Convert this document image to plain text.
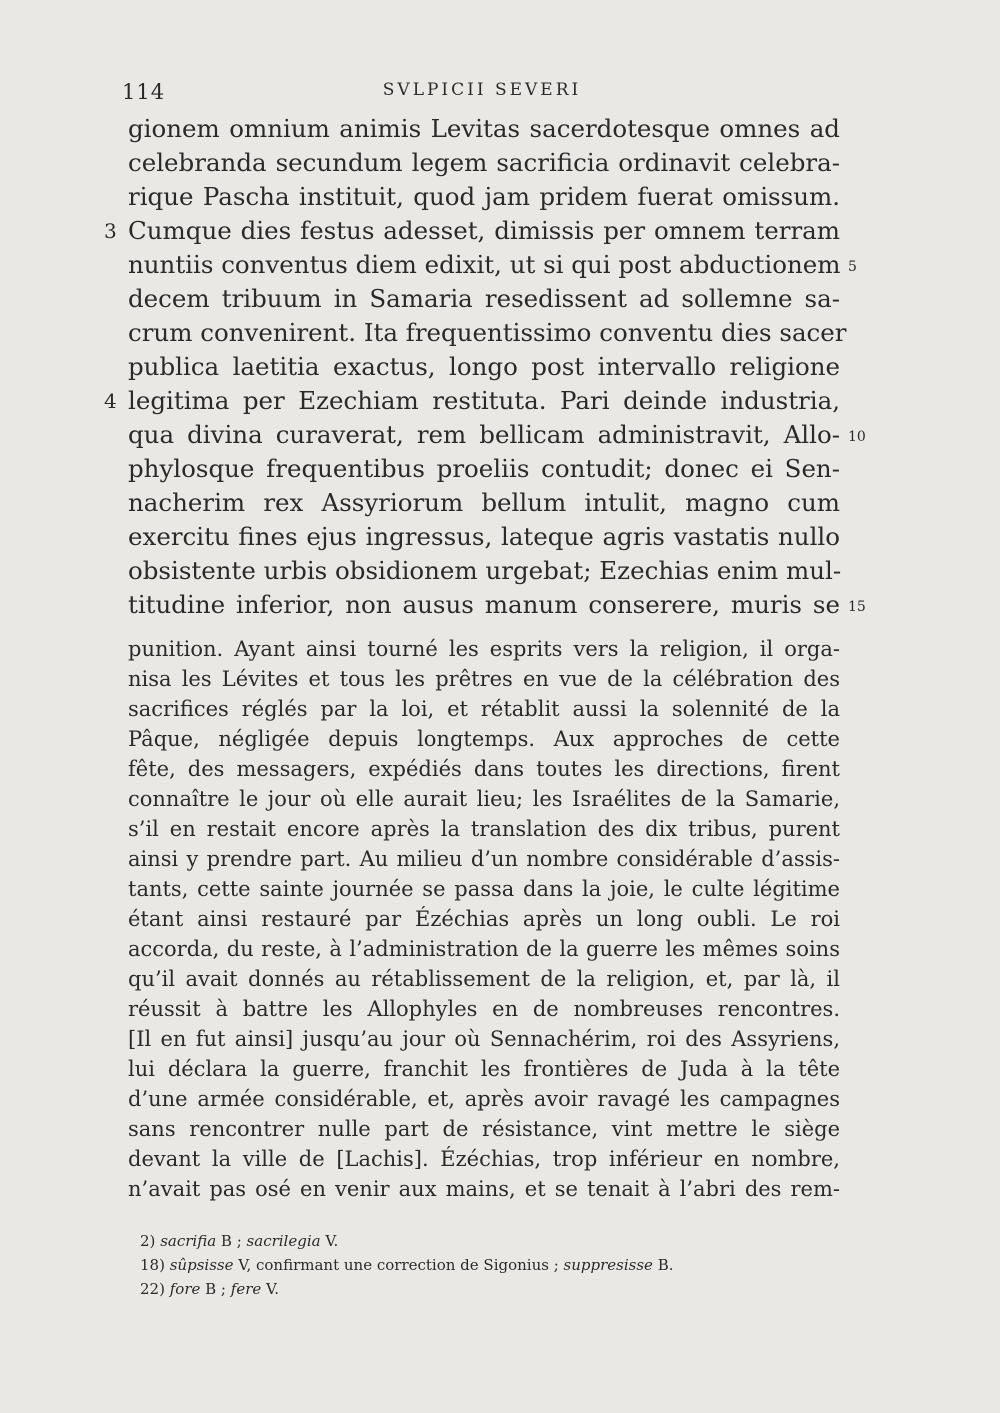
114	SVLPICII SEVERI
gionem omnium animis Levitas sacerdotesque omnes ad
celebranda secundum legem sacrificia ordinavit celebra-
rique Pascha instituit, quod jam pridem fuerat omissum.
Cumque dies festus adesset, dimissis per omnem terram
nuntiis conventus diem edixit, ut si qui post abductionem
decem tribuum in Samaria resedissent ad sollemne sa-
crum convenirent. Ita frequentissimo conventu dies sacer
publica laetitia exactus, longo post intervallo religione
legitima per Ezechiam restituta. Pari deinde industria,
qua divina curaverat, rem bellicam administravit, Allo-
phylosque frequentibus proeliis contudit; donec ei Sen-
nacherim rex Assyriorum bellum intulit, magno cum
exercitu fines ejus ingressus, lateque agris vastatis nullo
obsistente urbis obsidionem urgebat; Ezechias enim mul-
titudine inferior, non ausus manum conserere, muris se
3
4
5
10
15
punition. Ayant ainsi tourné les esprits vers la religion, il orga-
nisa les Lévites et tous les prêtres en vue de la célébration des
sacrifices réglés par la loi, et rétablit aussi la solennité de la
Pâque, négligée depuis longtemps. Aux approches de cette
fête, des messagers, expédiés dans toutes les directions, firent
connaître le jour où elle aurait lieu; les Israélites de la Samarie,
s’il en restait encore après la translation des dix tribus, purent
ainsi y prendre part. Au milieu d’un nombre considérable d’assis-
tants, cette sainte journée se passa dans la joie, le culte légitime
étant ainsi restauré par Ézéchias après un long oubli. Le roi
accorda, du reste, à l’administration de la guerre les mêmes soins
qu’il avait donnés au rétablissement de la religion, et, par là, il
réussit à battre les Allophyles en de nombreuses rencontres.
[Il en fut ainsi] jusqu’au jour où Sennachérim, roi des Assyriens,
lui déclara la guerre, franchit les frontières de Juda à la tête
d’une armée considérable, et, après avoir ravagé les campagnes
sans rencontrer nulle part de résistance, vint mettre le siège
devant la ville de [Lachis]. Ézéchias, trop inférieur en nombre,
n’avait pas osé en venir aux mains, et se tenait à l’abri des rem-
2) sacrifia B ; sacrilegia V.
18) sûpsisse V, confirmant une correction de Sigonius ; suppresisse B.
22) fore B ; fere V.
